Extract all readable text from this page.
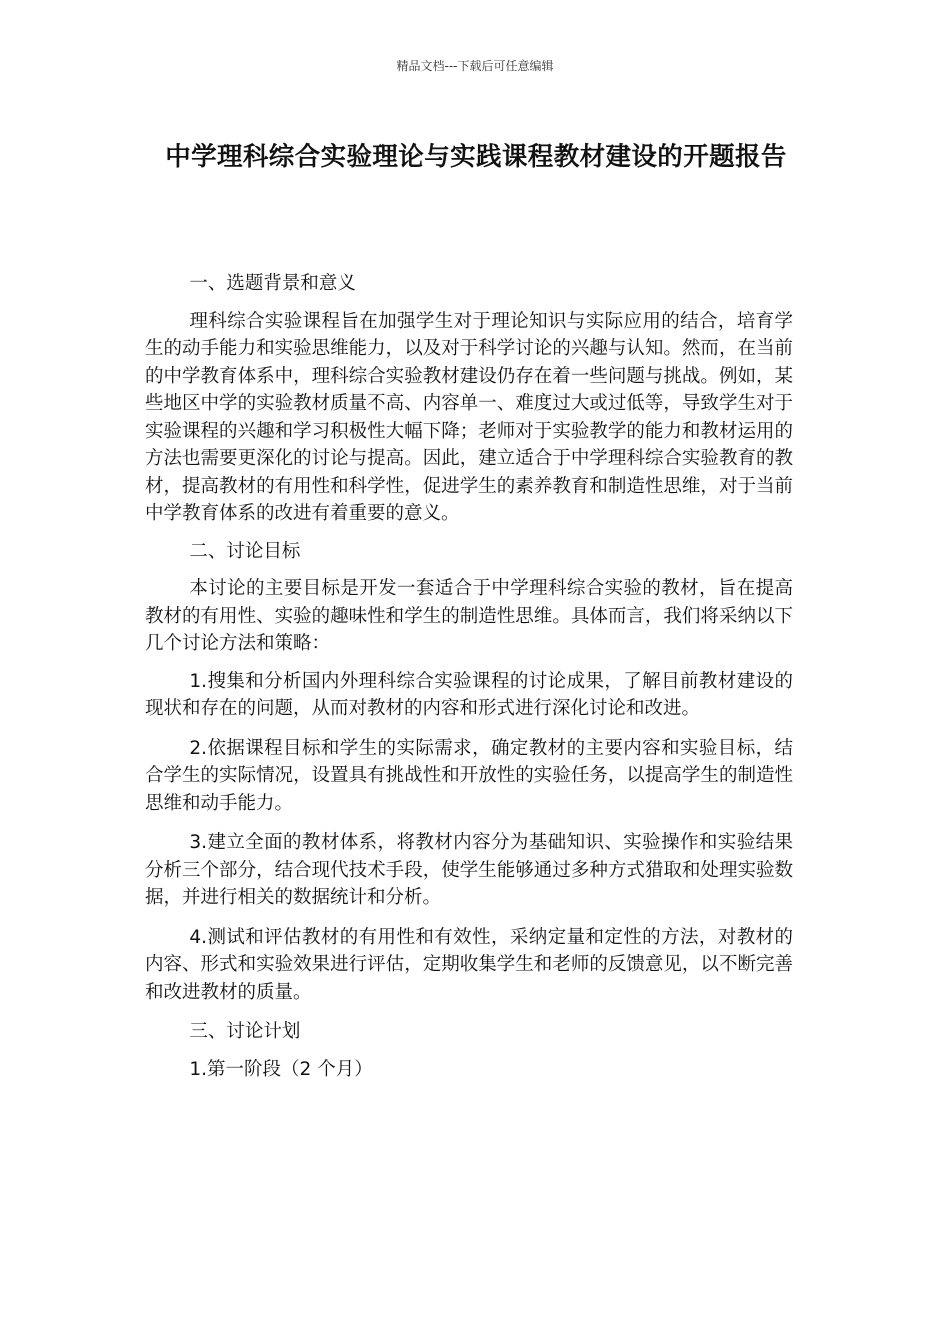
精品文档---下载后可任意编辑
中学理科综合实验理论与实践课程教材建设的开题报告

一、选题背景和意义

理科综合实验课程旨在加强学生对于理论知识与实际应用的结合，培育学生的动手能力和实验思维能力，以及对于科学讨论的兴趣与认知。然而，在当前的中学教育体系中，理科综合实验教材建设仍存在着一些问题与挑战。例如，某些地区中学的实验教材质量不高、内容单一、难度过大或过低等，导致学生对于实验课程的兴趣和学习积极性大幅下降；老师对于实验教学的能力和教材运用的方法也需要更深化的讨论与提高。因此，建立适合于中学理科综合实验教育的教材，提高教材的有用性和科学性，促进学生的素养教育和制造性思维，对于当前中学教育体系的改进有着重要的意义。

二、讨论目标

本讨论的主要目标是开发一套适合于中学理科综合实验的教材，旨在提高教材的有用性、实验的趣味性和学生的制造性思维。具体而言，我们将采纳以下几个讨论方法和策略：

1.搜集和分析国内外理科综合实验课程的讨论成果，了解目前教材建设的现状和存在的问题，从而对教材的内容和形式进行深化讨论和改进。

2.依据课程目标和学生的实际需求，确定教材的主要内容和实验目标，结合学生的实际情况，设置具有挑战性和开放性的实验任务，以提高学生的制造性思维和动手能力。

3.建立全面的教材体系，将教材内容分为基础知识、实验操作和实验结果分析三个部分，结合现代技术手段，使学生能够通过多种方式猎取和处理实验数据，并进行相关的数据统计和分析。

4.测试和评估教材的有用性和有效性，采纳定量和定性的方法，对教材的内容、形式和实验效果进行评估，定期收集学生和老师的反馈意见，以不断完善和改进教材的质量。

三、讨论计划

1.第一阶段（2 个月）
